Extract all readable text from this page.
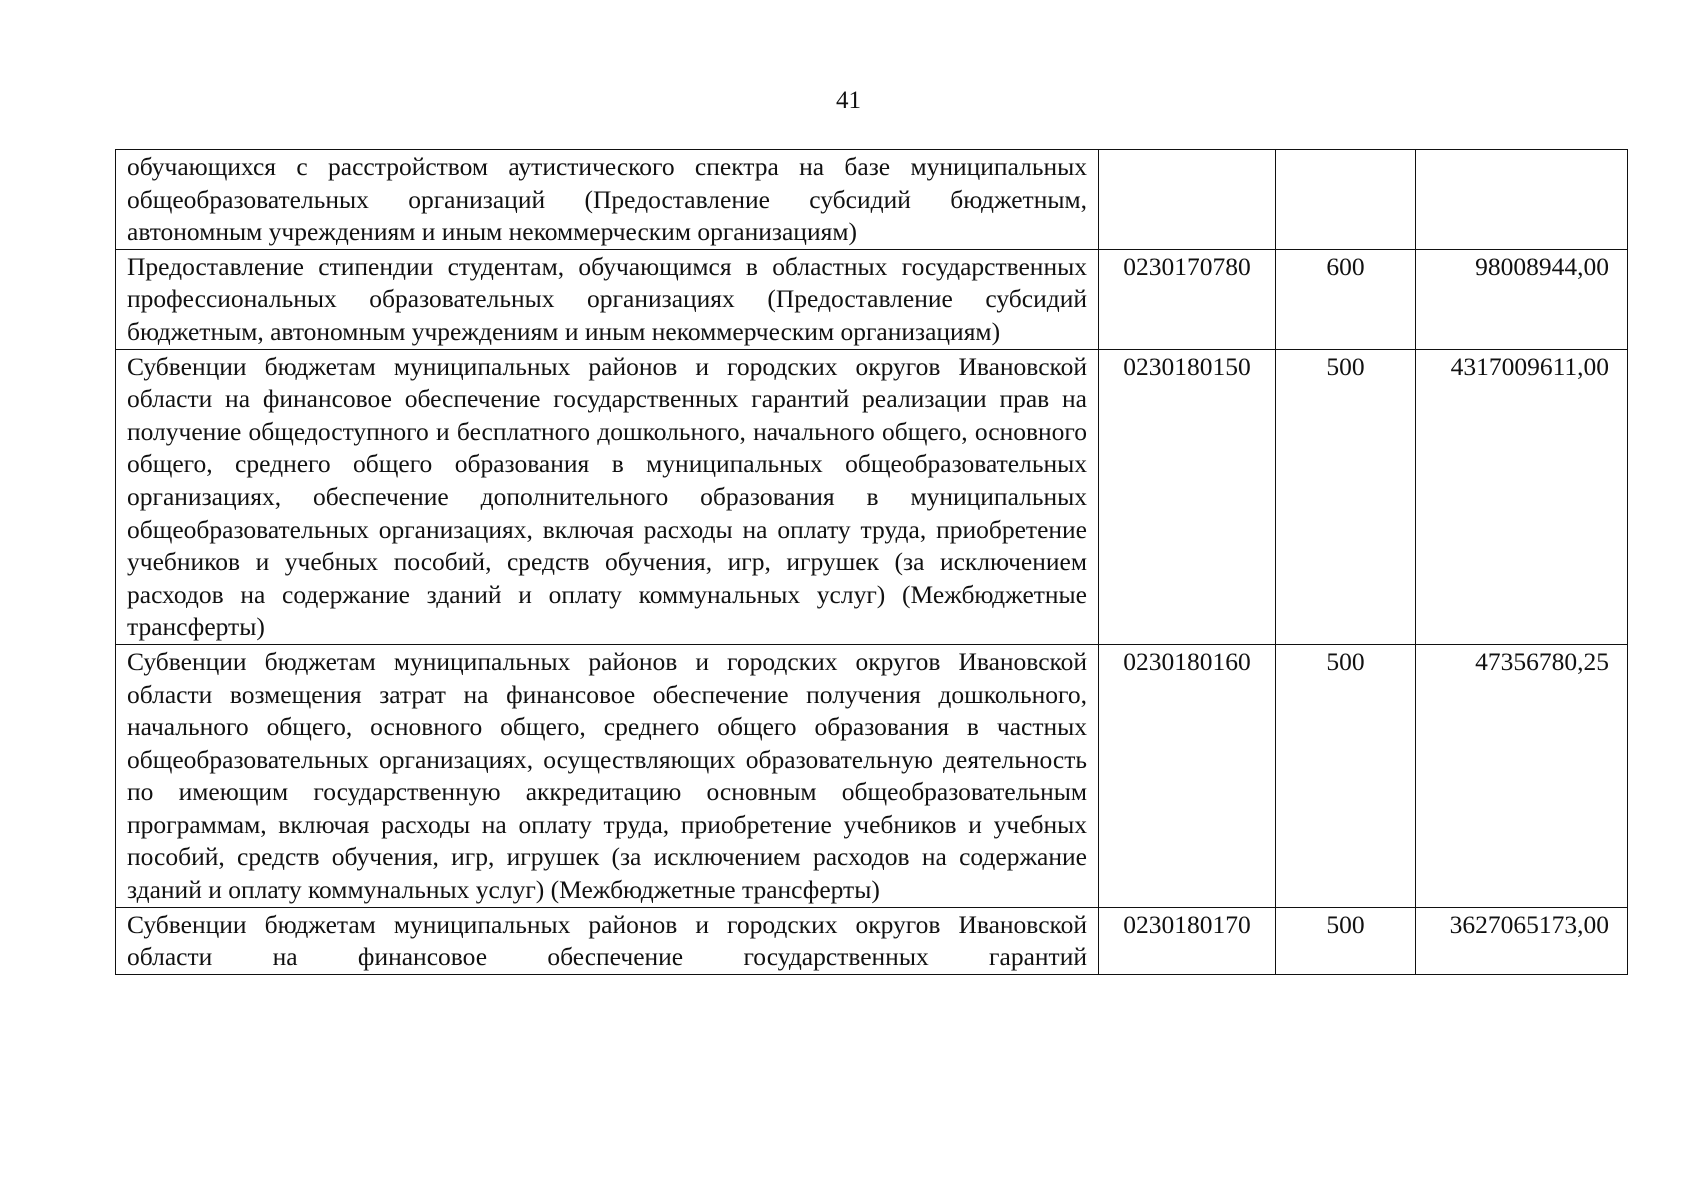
41
обучающихся с расстройством аутистического спектра на базе муниципальных общеобразовательных организаций (Предоставление субсидий бюджетным, автономным учреждениям и иным некоммерческим организациям)			

Предоставление стипендии студентам, обучающимся в областных государственных профессиональных образовательных организациях (Предоставление субсидий бюджетным, автономным учреждениям и иным некоммерческим организациям)	0230170780	600	98008944,00

Субвенции бюджетам муниципальных районов и городских округов Ивановской области на финансовое обеспечение государственных гарантий реализации прав на получение общедоступного и бесплатного дошкольного, начального общего, основного общего, среднего общего образования в муниципальных общеобразовательных организациях, обеспечение дополнительного образования в муниципальных общеобразовательных организациях, включая расходы на оплату труда, приобретение учебников и учебных пособий, средств обучения, игр, игрушек (за исключением расходов на содержание зданий и оплату коммунальных услуг) (Межбюджетные трансферты)	0230180150	500	4317009611,00

Субвенции бюджетам муниципальных районов и городских округов Ивановской области возмещения затрат на финансовое обеспечение получения дошкольного, начального общего, основного общего, среднего общего образования в частных общеобразовательных организациях, осуществляющих образовательную деятельность по имеющим государственную аккредитацию основным общеобразовательным программам, включая расходы на оплату труда, приобретение учебников и учебных пособий, средств обучения, игр, игрушек (за исключением расходов на содержание зданий и оплату коммунальных услуг) (Межбюджетные трансферты)	0230180160	500	47356780,25

Субвенции бюджетам муниципальных районов и городских округов Ивановской области на финансовое обеспечение государственных гарантий	0230180170	500	3627065173,00
